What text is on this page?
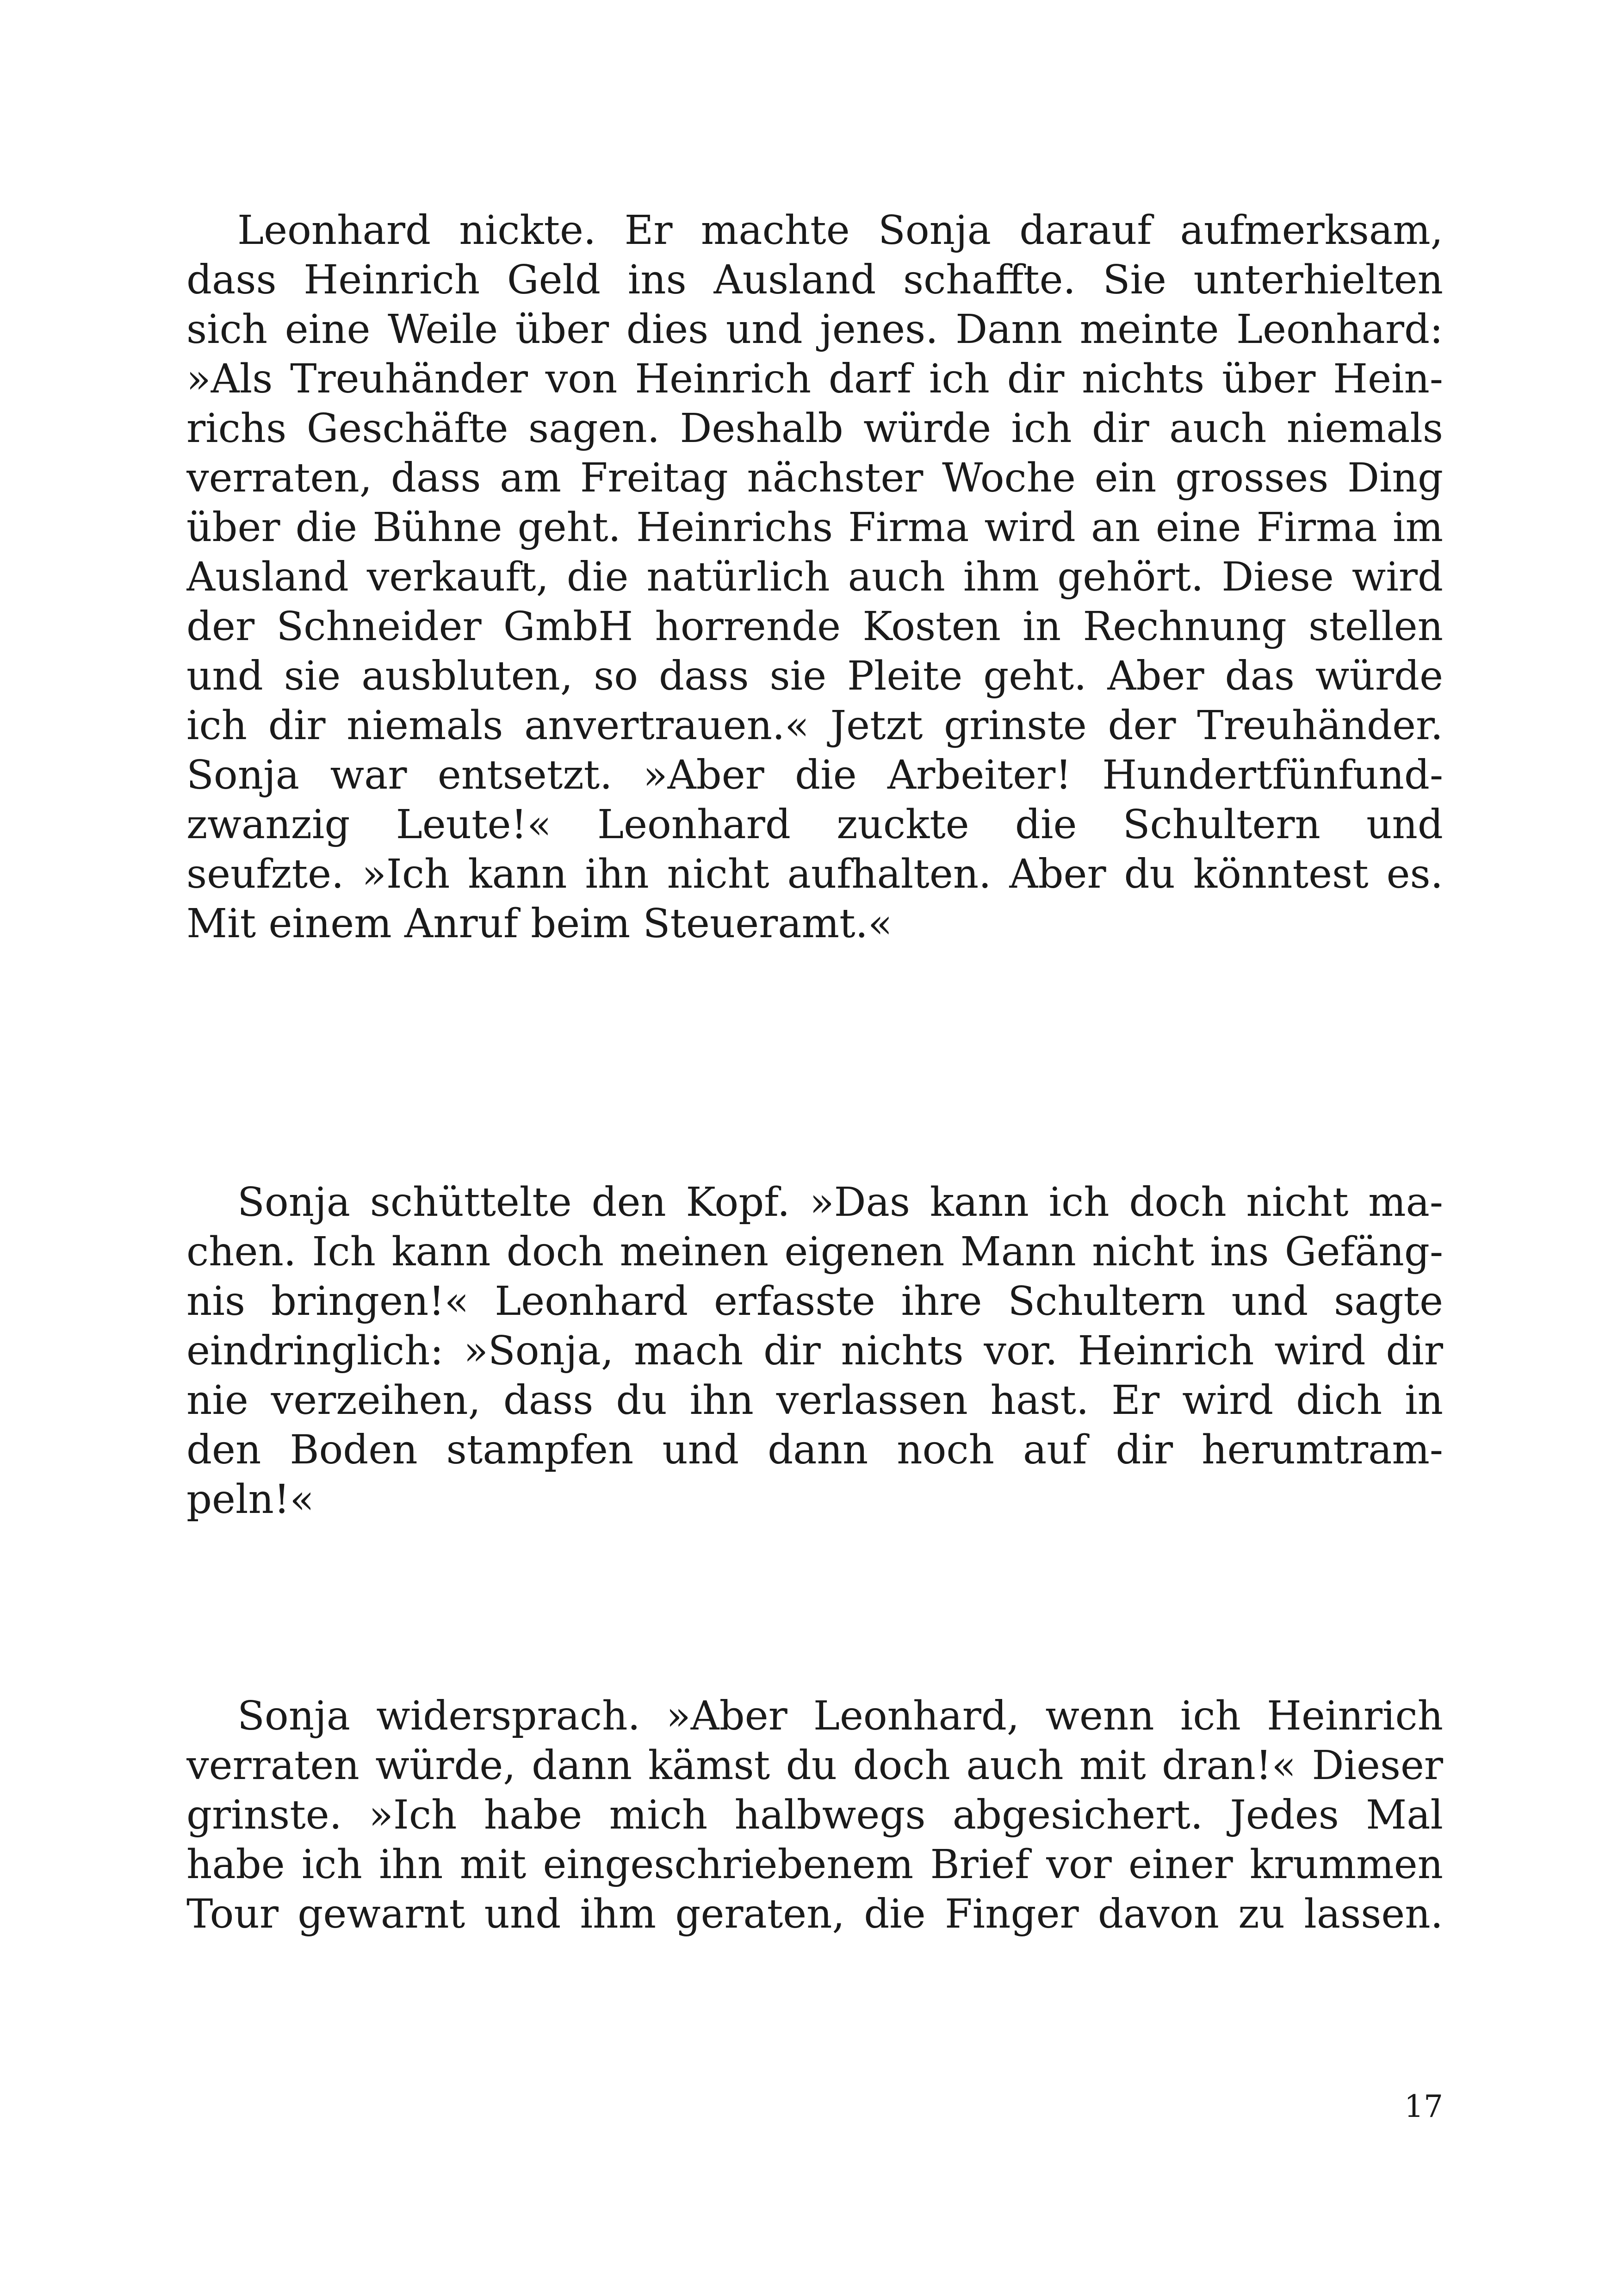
Leonhard nickte. Er machte Sonja darauf aufmerksam,
dass Heinrich Geld ins Ausland schaffte. Sie unterhielten
sich eine Weile über dies und jenes. Dann meinte Leonhard:
»Als Treuhänder von Heinrich darf ich dir nichts über Hein-
richs Geschäfte sagen. Deshalb würde ich dir auch niemals
verraten, dass am Freitag nächster Woche ein grosses Ding
über die Bühne geht. Heinrichs Firma wird an eine Firma im
Ausland verkauft, die natürlich auch ihm gehört. Diese wird
der Schneider GmbH horrende Kosten in Rechnung stellen
und sie ausbluten, so dass sie Pleite geht. Aber das würde
ich dir niemals anvertrauen.« Jetzt grinste der Treuhänder.
Sonja war entsetzt. »Aber die Arbeiter! Hundertfünfund-
zwanzig Leute!« Leonhard zuckte die Schultern und
seufzte. »Ich kann ihn nicht aufhalten. Aber du könntest es.
Mit einem Anruf beim Steueramt.«
Sonja schüttelte den Kopf. »Das kann ich doch nicht ma-
chen. Ich kann doch meinen eigenen Mann nicht ins Gefäng-
nis bringen!« Leonhard erfasste ihre Schultern und sagte
eindringlich: »Sonja, mach dir nichts vor. Heinrich wird dir
nie verzeihen, dass du ihn verlassen hast. Er wird dich in
den Boden stampfen und dann noch auf dir herumtram-
peln!«
Sonja widersprach. »Aber Leonhard, wenn ich Heinrich
verraten würde, dann kämst du doch auch mit dran!« Dieser
grinste. »Ich habe mich halbwegs abgesichert. Jedes Mal
habe ich ihn mit eingeschriebenem Brief vor einer krummen
Tour gewarnt und ihm geraten, die Finger davon zu lassen.
17
